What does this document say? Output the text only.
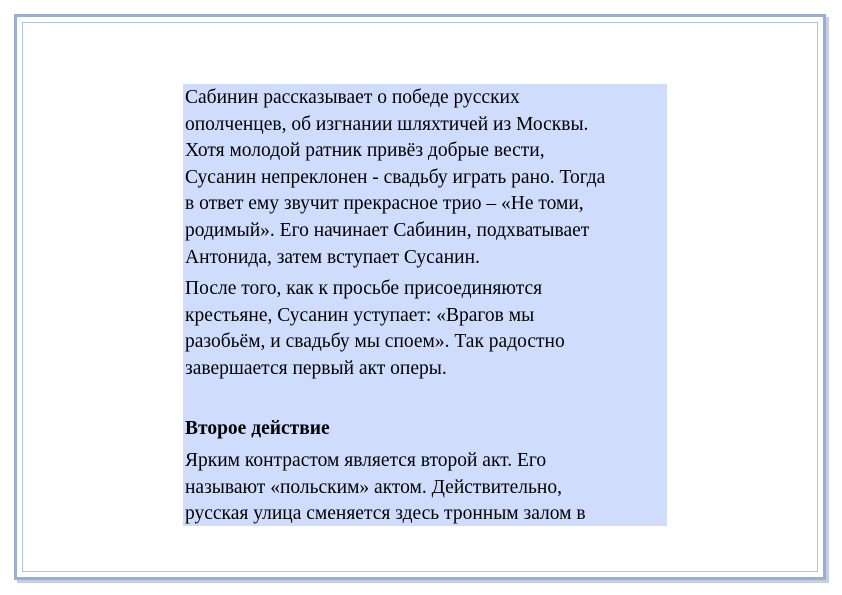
Сабинин рассказывает о победе русских
ополченцев, об изгнании шляхтичей из Москвы.
Хотя молодой ратник привёз добрые вести,
Сусанин непреклонен - свадьбу играть рано. Тогда
в ответ ему звучит прекрасное трио – «Не томи,
родимый». Его начинает Сабинин, подхватывает
Антонида, затем вступает Сусанин.

После того, как к просьбе присоединяются
крестьяне, Сусанин уступает: «Врагов мы
разобьём, и свадьбу мы споем». Так радостно
завершается первый акт оперы.

Второе действие

Ярким контрастом является второй акт. Его
называют «польским» актом. Действительно,
русская улица сменяется здесь тронным залом в
